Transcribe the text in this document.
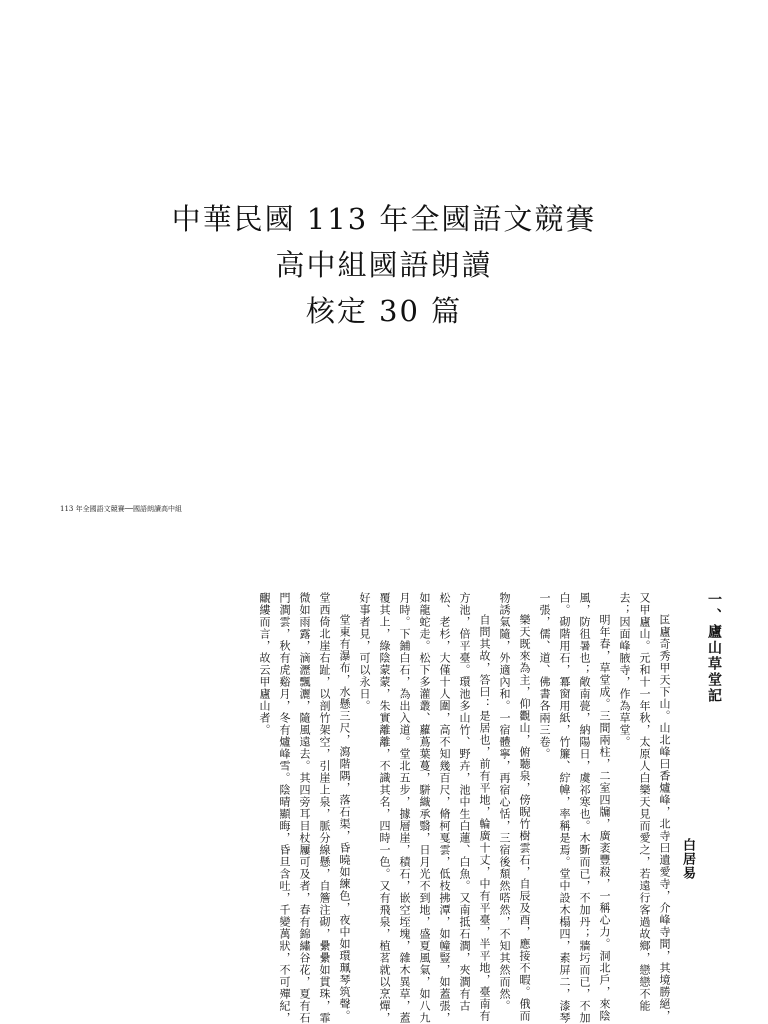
中華民國 113 年全國語文競賽
高中組國語朗讀
核定 30 篇
113 年全國語文競賽──國語朗讀高中組

一、廬山草堂記

白居易

匡廬奇秀甲天下山。山北峰曰香爐峰，北寺曰遺愛寺，介峰寺間，其境勝絕，又甲廬山。元和十一年秋，太原人白樂天見而愛之，若遠行客過故鄉，戀戀不能去；因面峰腋寺，作為草堂。

明年春，草堂成。三間兩柱，二室四牖，廣袤豐殺，一稱心力。洞北戶，來陰風，防徂暑也；敞南甍，納陽日，虞祁寒也。木斲而已，不加丹；牆圬而已，不加白。砌階用石，冪窗用紙，竹簾、紵幃，率稱是焉。堂中設木榻四，素屏二，漆琴一張，儒、道、佛書各兩三卷。

樂天既來為主，仰觀山，俯聽泉，傍睨竹樹雲石，自辰及酉，應接不暇。俄而物誘氣隨，外適內和。一宿體寧，再宿心恬，三宿後頹然嗒然，不知其然而然。

自問其故，答曰：是居也，前有平地，輪廣十丈，中有平臺，半平地，臺南有方池，倍平臺。環池多山竹、野卉，池中生白蓮、白魚。又南抵石澗，夾澗有古松、老杉，大僅十人圍，高不知幾百尺，脩柯戛雲，低枝拂潭，如幢豎，如蓋張，如龍蛇走。松下多灌叢、蘿蔦葉蔓，駢織承翳，日月光不到地，盛夏風氣，如八九月時。下鋪白石，為出入道。堂北五步，據層崖，積石，嵌空垤塊，雜木異草，蓋覆其上，綠陰蒙蒙，朱實離離，不識其名，四時一色。又有飛泉，植茗就以烹燀，好事者見，可以永日。

堂東有瀑布，水懸三尺，瀉階隅，落石渠，昏曉如練色，夜中如環珮琴筑聲。堂西倚北崖右趾，以剖竹架空，引崖上泉，脈分線懸，自簷注砌，纍纍如貫珠，霏微如雨露，滴瀝飄灑，隨風遠去。其四旁耳目杖屨可及者，春有錦繡谷花，夏有石門澗雲，秋有虎谿月，冬有爐峰雪。陰晴顯晦，昏旦含吐，千變萬狀，不可殫紀，覼縷而言，故云甲廬山者。
